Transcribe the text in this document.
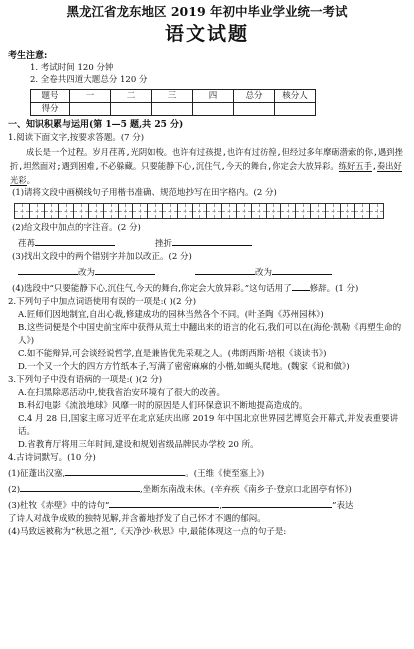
黑龙江省龙东地区 2019 年初中毕业学业统一考试
语文试题
考生注意:
1. 考试时间 120 分钟
2. 全卷共四道大题总分 120 分
题号	一	二	三	四	总分	核分人
得分						
一、知识积累与运用(第 1—5 题,共 25 分)
1.阅读下面文字,按要求答题。(7 分)
成长是一个过程。岁月荏苒,光阴如梭。也许有过孩提,也许有过彷徨,但经过多年摩砺潜索的你,遇到挫折,坦然面对;遇到困难,不必躲藏。只要能静下心,沉住气,今天的舞台,你定会大放异彩。练好五手,奏出好光彩。
(1)请将文段中画横线句子用楷书准确、规范地抄写在田字格内。(2 分)
(2)给文段中加点的字注音。(2 分)
荏苒	挫折
(3)找出文段中的两个错别字并加以改正。(2 分)
改为	改为
(4)选段中“只要能静下心,沉住气,今天的舞台,你定会大放异彩。”这句话用了 修辞。(1 分)
2.下列句子中加点词语使用有误的一项是:( )(2 分)
A.匠师们因地制宜,自出心裁,修建成功的园林当然各个不同。(叶圣陶《苏州园林》)
B.这些词便是个中国史前宝库中获得从荒土中翻出来的语言的化石,我们可以在(海伦·凯勒《再塑生命的人》)
C.如不能辩异,可会谈经说哲学,直是兼皆优先采观之人。(弗朗西斯·培根《谈读书》)
D.一个又一个大的四方方竹纸本子,写满了密密麻麻的小楷,如蝇头爬地。(魏家《说和做》)
3.下列句子中没有语病的一项是:( )(2 分)
A.在扫黑除恶活动中,使我省治安环境有了很大的改善。
B.科幻电影《流浪地球》风靡一时的原因是人们环保意识不断地提高造成的。
C.4 月 28 日,国家主席习近平在北京延庆出席 2019 年中国北京世界园艺博览会开幕式,并发表重要讲话。
D.省教育厅将用三年时间,建设和规划省级品牌民办学校 20 所。
4.古诗词默写。(10 分)
(1)征蓬出汉塞,	。(王维《使至塞上》)
(2)	,坐断东南战未休。(辛弃疾《南乡子·登京口北固亭有怀》)
(3)杜牧《赤壁》中的诗句“	,	”表达
了诗人对战争成败的独特见解,并含蓄地抒发了自己怀才不遇的郁闷。
(4)马致远被称为“秋思之祖”,《天净沙·秋思》中,最能体现这一点的句子是:
